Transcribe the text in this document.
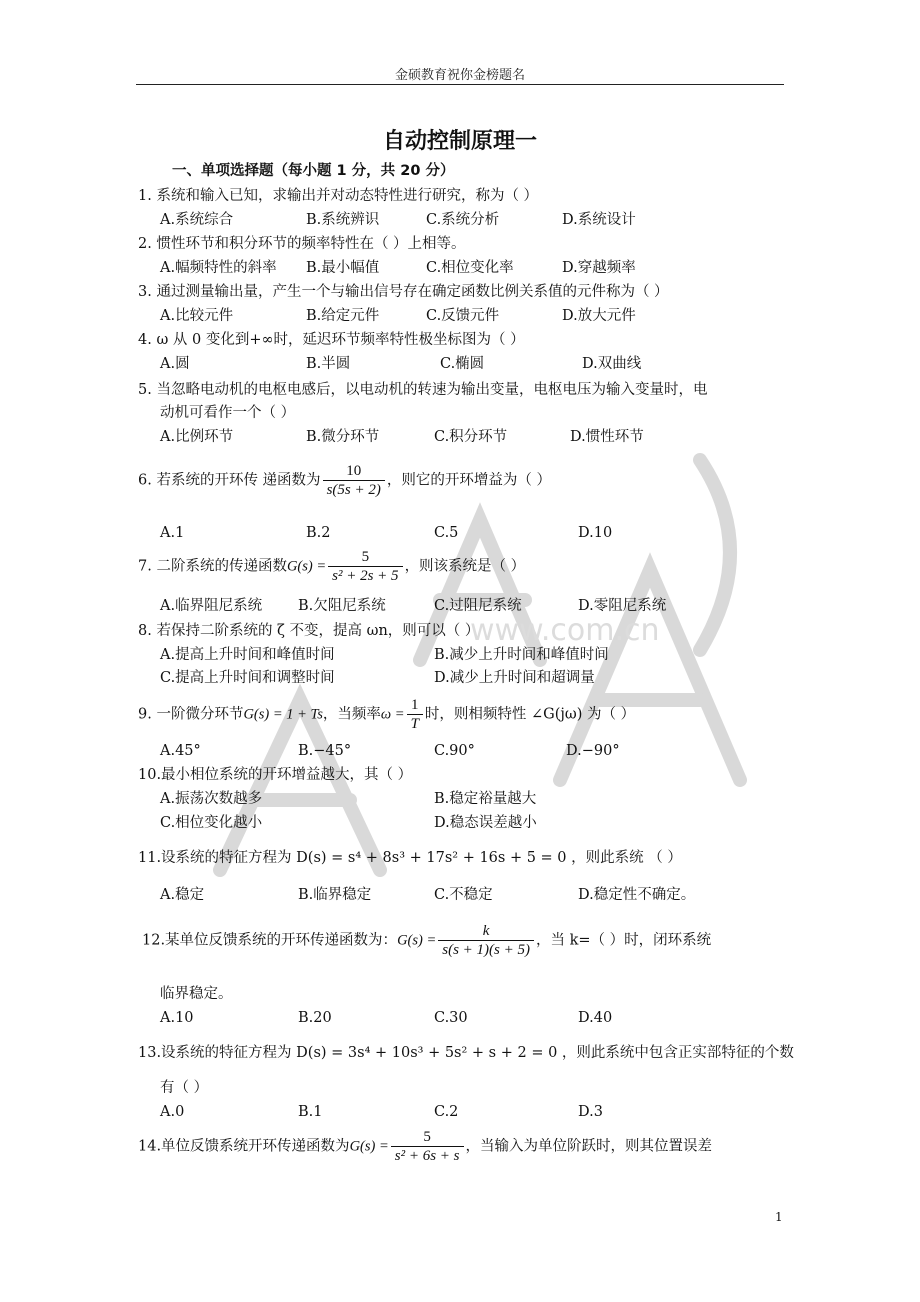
www.com.cn
金硕教育祝你金榜题名
自动控制原理一
一、单项选择题（每小题 1 分，共 20 分）
1. 系统和输入已知，求输出并对动态特性进行研究，称为（ ）
A.系统综合	B.系统辨识	C.系统分析	D.系统设计
2. 惯性环节和积分环节的频率特性在（ ）上相等。
A.幅频特性的斜率 B.最小幅值	C.相位变化率	D.穿越频率
3. 通过测量输出量，产生一个与输出信号存在确定函数比例关系值的元件称为（ ）
A.比较元件	B.给定元件	C.反馈元件	D.放大元件
4. ω 从 0 变化到+∞时，延迟环节频率特性极坐标图为（ ）
A.圆	B.半圆	C.椭圆	D.双曲线
5. 当忽略电动机的电枢电感后，以电动机的转速为输出变量，电枢电压为输入变量时，电
动机可看作一个（ ）
A.比例环节	B.微分环节	C.积分环节	D.惯性环节
6. 若系统的开环传 递函数为 $\frac{10}{s(5s + 2)}$ ，则它的开环增益为（ ）
A.1	B.2	C.5	D.10
7. 二阶系统的传递函数$G(s) = \frac{5}{\text{s² + 2s + 5}}$ ，则该系统是（ ）
A.临界阻尼系统 B.欠阻尼系统	C.过阻尼系统	D.零阻尼系统
8. 若保持二阶系统的 ζ 不变，提高 ωn，则可以（ ）
A.提高上升时间和峰值时间	B.减少上升时间和峰值时间
C.提高上升时间和调整时间	D.减少上升时间和超调量
9. 一阶微分环节G(s) = 1 + Ts，当频率$\omega = \frac{1}{T}$ 时，则相频特性 ∠G(jω) 为（ ）
A.45°	B.−45°	C.90°	D.−90°
10.最小相位系统的开环增益越大，其（ ）
A.振荡次数越多	B.稳定裕量越大
C.相位变化越小	D.稳态误差越小
11.设系统的特征方程为 D(s) = s⁴ + 8s³ + 17s² + 16s + 5 = 0 ，则此系统 （ ）
A.稳定	B.临界稳定	C.不稳定	D.稳定性不确定。
12.某单位反馈系统的开环传递函数为：$G(s) = \frac{k}{s(s + 1)(s + 5)}$ ，当 k=（ ）时，闭环系统
临界稳定。
A.10	B.20	C.30	D.40
13.设系统的特征方程为 D(s) = 3s⁴ + 10s³ + 5s² + s + 2 = 0 ，则此系统中包含正实部特征的个数
有（ ）
A.0	B.1	C.2	D.3
14.单位反馈系统开环传递函数为$G(s) = \frac{5}{\text{s² + 6s + s}}$ ，当输入为单位阶跃时，则其位置误差
1
